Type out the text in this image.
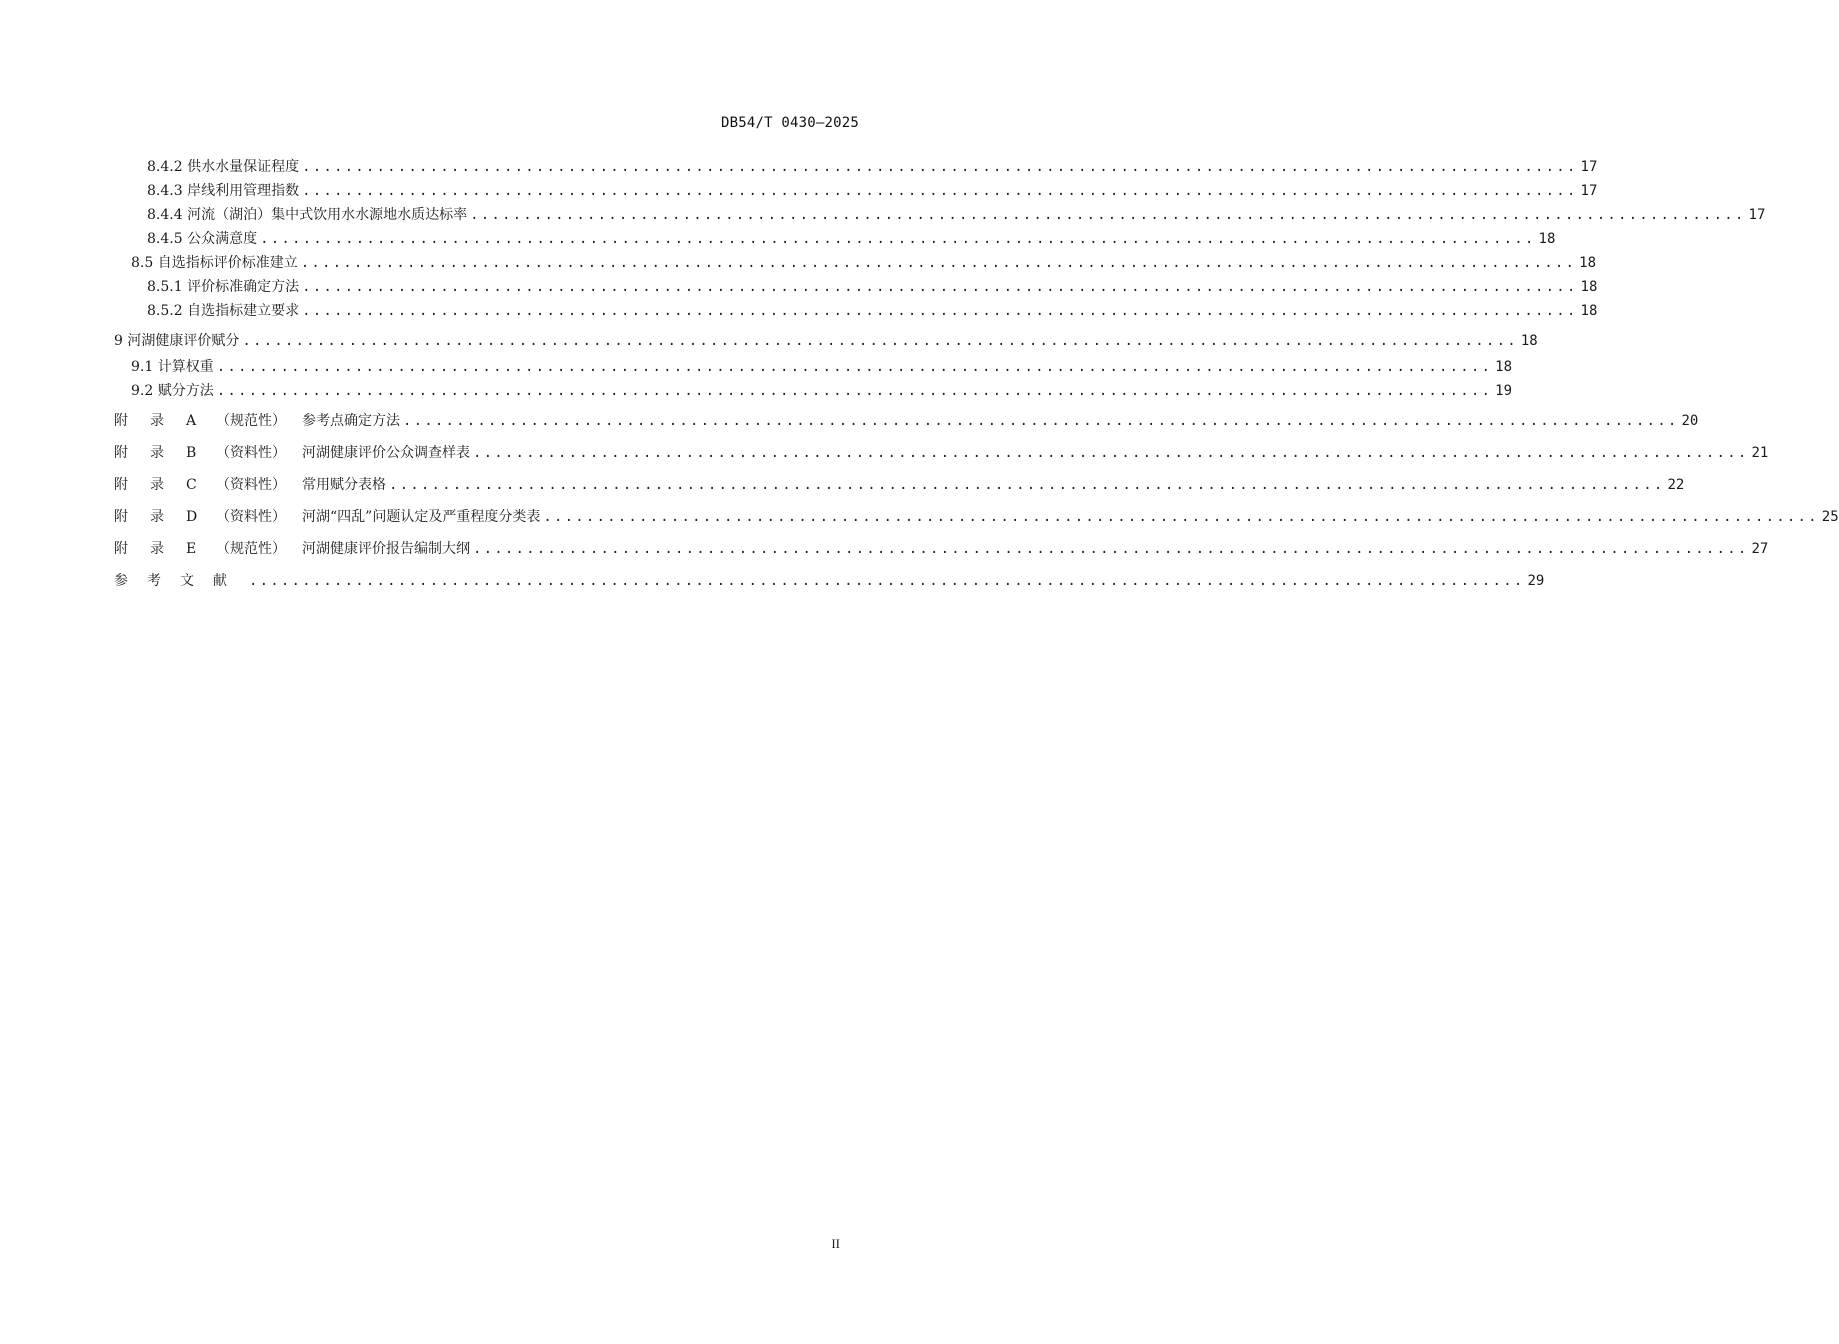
DB54/T 0430—2025
8.4.2 供水水量保证程度 ........................................................................................................................ 17
8.4.3 岸线利用管理指数 ........................................................................................................................ 17
8.4.4 河流（湖泊）集中式饮用水水源地水质达标率 ........................................................................................................................ 17
8.4.5 公众满意度 ........................................................................................................................ 18
8.5 自选指标评价标准建立 ........................................................................................................................ 18
8.5.1 评价标准确定方法 ........................................................................................................................ 18
8.5.2 自选指标建立要求 ........................................................................................................................ 18
9 河湖健康评价赋分 ........................................................................................................................ 18
9.1 计算权重 ........................................................................................................................ 18
9.2 赋分方法 ........................................................................................................................ 19
附	录	A	（规范性）	参考点确定方法 ........................................................................................................................ 20
附	录	B	（资料性）	河湖健康评价公众调查样表 ........................................................................................................................ 21
附	录	C	（资料性）	常用赋分表格 ........................................................................................................................ 22
附	录	D	（资料性）	河湖“四乱”问题认定及严重程度分类表 ........................................................................................................................ 25
附	录	E	（规范性）	河湖健康评价报告编制大纲 ........................................................................................................................ 27
参 考 文 献	........................................................................................................................ 29
II
